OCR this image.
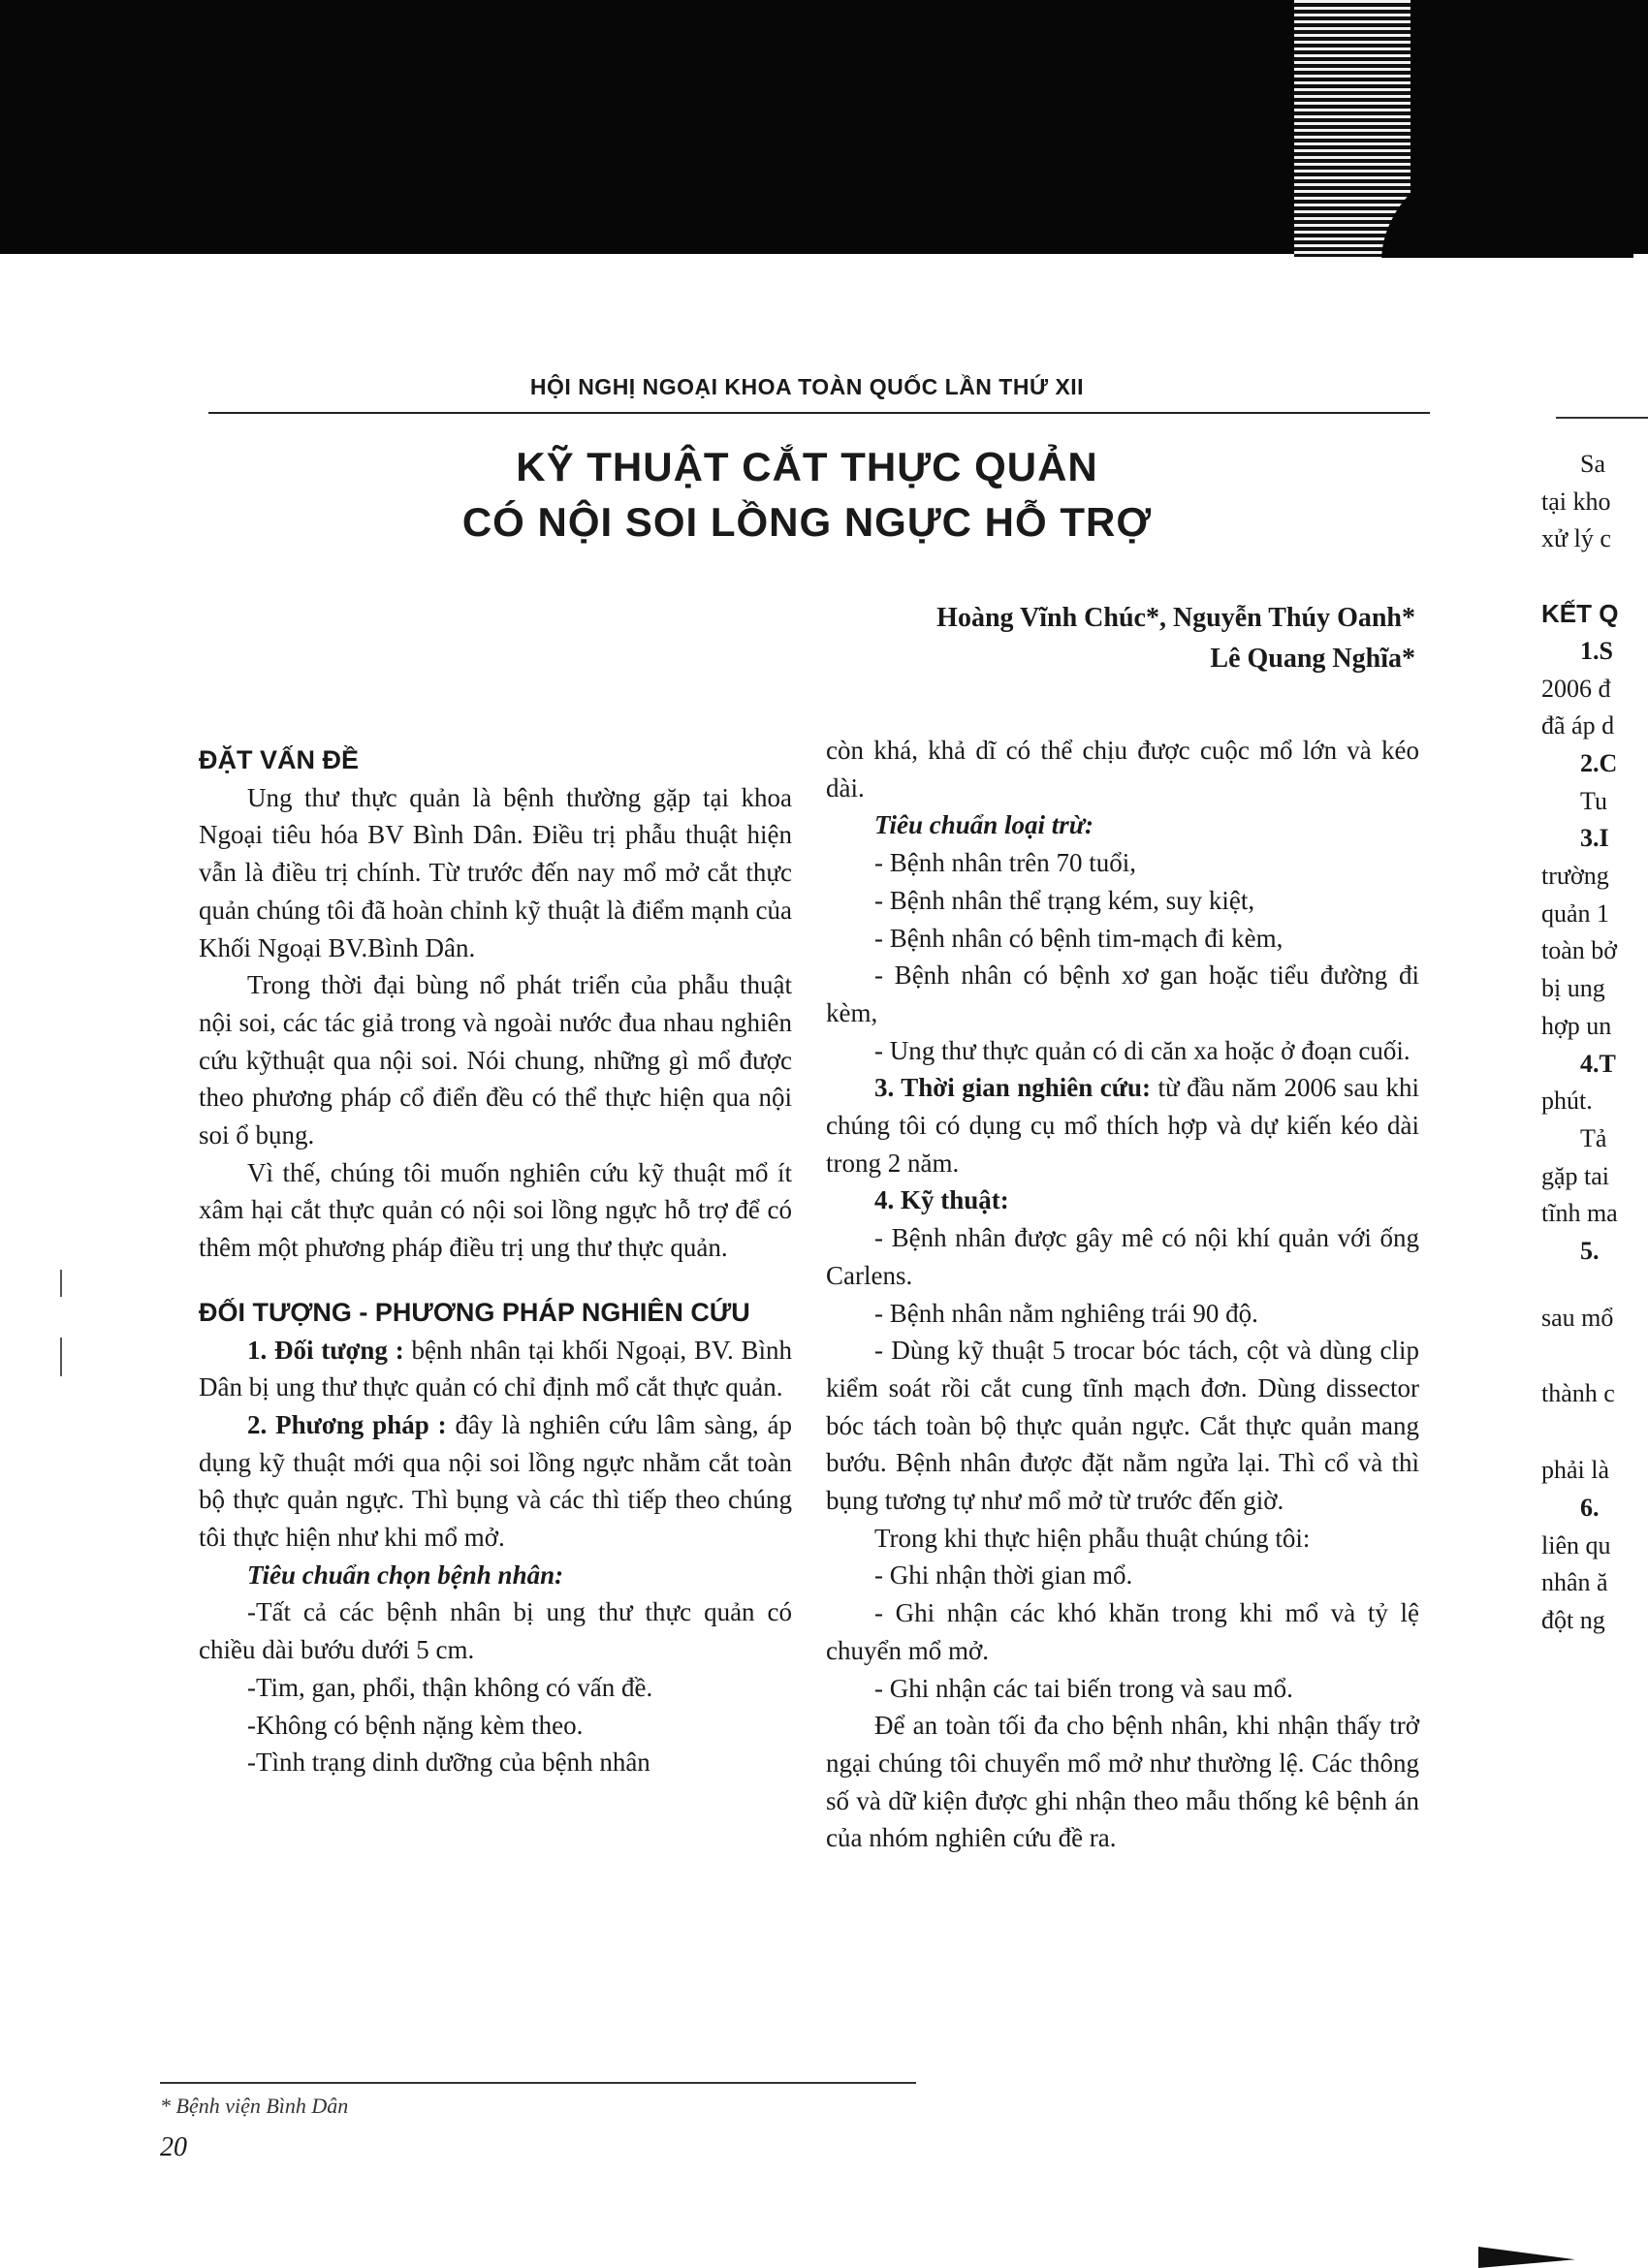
HỘI NGHỊ NGOẠI KHOA TOÀN QUỐC LẦN THỨ XII
KỸ THUẬT CẮT THỰC QUẢN
CÓ NỘI SOI LỒNG NGỰC HỖ TRỢ
Hoàng Vĩnh Chúc*, Nguyễn Thúy Oanh*
Lê Quang Nghĩa*

ĐẶT VẤN ĐỀ

Ung thư thực quản là bệnh thường gặp tại khoa Ngoại tiêu hóa BV Bình Dân. Điều trị phẫu thuật hiện vẫn là điều trị chính. Từ trước đến nay mổ mở cắt thực quản chúng tôi đã hoàn chỉnh kỹ thuật là điểm mạnh của Khối Ngoại BV.Bình Dân.

Trong thời đại bùng nổ phát triển của phẫu thuật nội soi, các tác giả trong và ngoài nước đua nhau nghiên cứu kỹthuật qua nội soi. Nói chung, những gì mổ được theo phương pháp cổ điển đều có thể thực hiện qua nội soi ổ bụng.

Vì thế, chúng tôi muốn nghiên cứu kỹ thuật mổ ít xâm hại cắt thực quản có nội soi lồng ngực hỗ trợ để có thêm một phương pháp điều trị ung thư thực quản.

ĐỐI TƯỢNG - PHƯƠNG PHÁP NGHIÊN CỨU

1. Đối tượng : bệnh nhân tại khối Ngoại, BV. Bình Dân bị ung thư thực quản có chỉ định mổ cắt thực quản.

2. Phương pháp : đây là nghiên cứu lâm sàng, áp dụng kỹ thuật mới qua nội soi lồng ngực nhằm cắt toàn bộ thực quản ngực. Thì bụng và các thì tiếp theo chúng tôi thực hiện như khi mổ mở.

Tiêu chuẩn chọn bệnh nhân:

-Tất cả các bệnh nhân bị ung thư thực quản có chiều dài bướu dưới 5 cm.

-Tim, gan, phổi, thận không có vấn đề.

-Không có bệnh nặng kèm theo.

-Tình trạng dinh dưỡng của bệnh nhân

còn khá, khả dĩ có thể chịu được cuộc mổ lớn và kéo dài.

Tiêu chuẩn loại trừ:

- Bệnh nhân trên 70 tuổi,

- Bệnh nhân thể trạng kém, suy kiệt,

- Bệnh nhân có bệnh tim-mạch đi kèm,

- Bệnh nhân có bệnh xơ gan hoặc tiểu đường đi kèm,

- Ung thư thực quản có di căn xa hoặc ở đoạn cuối.

3. Thời gian nghiên cứu: từ đầu năm 2006 sau khi chúng tôi có dụng cụ mổ thích hợp và dự kiến kéo dài trong 2 năm.

4. Kỹ thuật:

- Bệnh nhân được gây mê có nội khí quản với ống Carlens.

- Bệnh nhân nằm nghiêng trái 90 độ.

- Dùng kỹ thuật 5 trocar bóc tách, cột và dùng clip kiểm soát rồi cắt cung tĩnh mạch đơn. Dùng dissector bóc tách toàn bộ thực quản ngực. Cắt thực quản mang bướu. Bệnh nhân được đặt nằm ngửa lại. Thì cổ và thì bụng tương tự như mổ mở từ trước đến giờ.

Trong khi thực hiện phẫu thuật chúng tôi:

- Ghi nhận thời gian mổ.

- Ghi nhận các khó khăn trong khi mổ và tỷ lệ chuyển mổ mở.

- Ghi nhận các tai biến trong và sau mổ.

Để an toàn tối đa cho bệnh nhân, khi nhận thấy trở ngại chúng tôi chuyển mổ mở như thường lệ. Các thông số và dữ kiện được ghi nhận theo mẫu thống kê bệnh án của nhóm nghiên cứu đề ra.

Sa
tại kho
xử lý c
KẾT Q
1.S
2006 đ
đã áp d
2.C
Tu
3.I
trường
quản 1
toàn bở
bị ung
hợp un
4.T
phút.
Tả
gặp tai
tĩnh ma
5.
sau mổ
thành c
phải là
6.
liên qu
nhân ă
đột ng
* Bệnh viện Bình Dân
20
